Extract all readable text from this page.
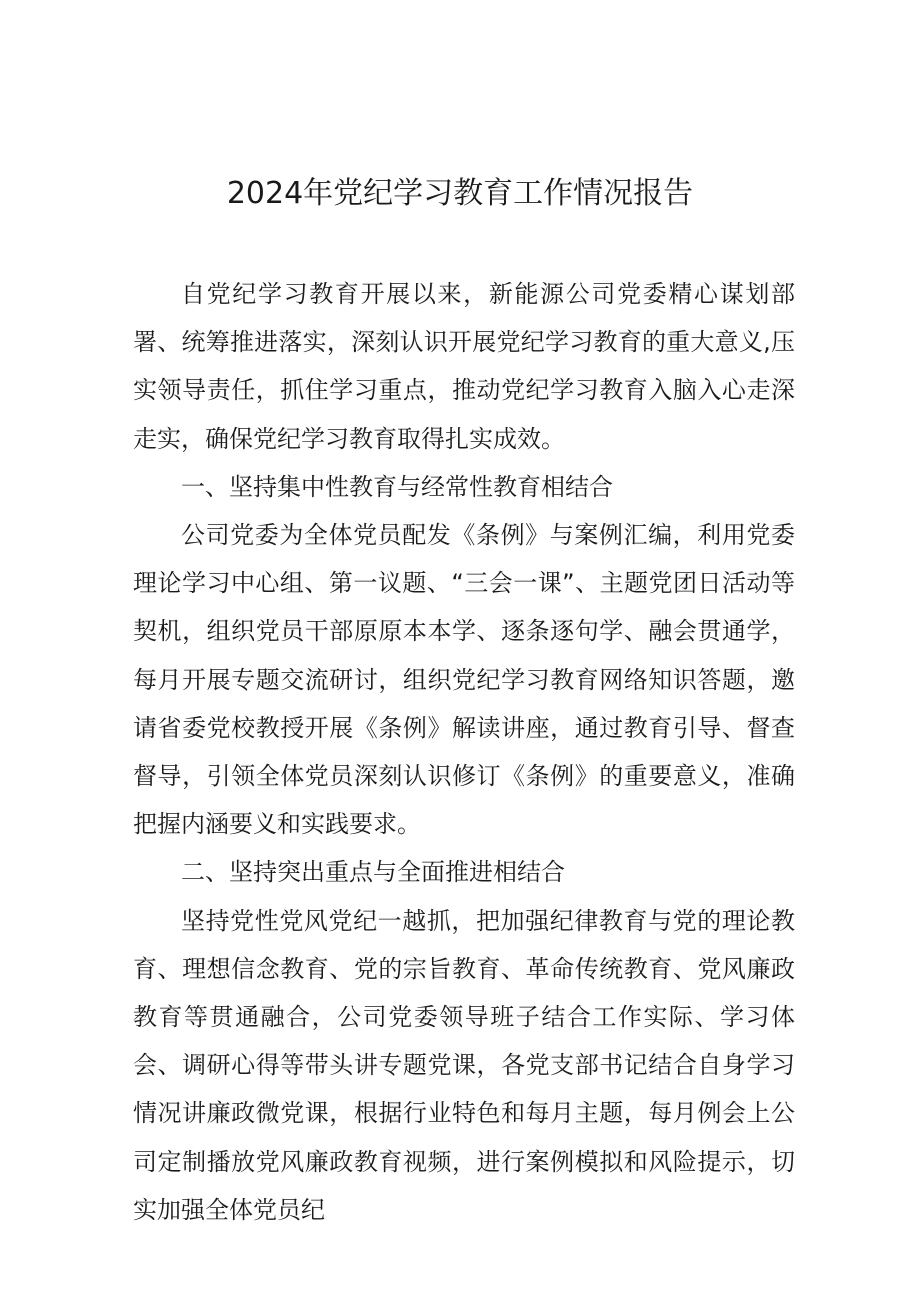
2024年党纪学习教育工作情况报告

自党纪学习教育开展以来，新能源公司党委精心谋划部署、统筹推进落实，深刻认识开展党纪学习教育的重大意义,压实领导责任，抓住学习重点，推动党纪学习教育入脑入心走深走实，确保党纪学习教育取得扎实成效。

一、坚持集中性教育与经常性教育相结合

公司党委为全体党员配发《条例》与案例汇编，利用党委理论学习中心组、第一议题、“三会一课”、主题党团日活动等契机，组织党员干部原原本本学、逐条逐句学、融会贯通学，每月开展专题交流研讨，组织党纪学习教育网络知识答题，邀请省委党校教授开展《条例》解读讲座，通过教育引导、督查督导，引领全体党员深刻认识修订《条例》的重要意义，准确把握内涵要义和实践要求。

二、坚持突出重点与全面推进相结合

坚持党性党风党纪一越抓，把加强纪律教育与党的理论教育、理想信念教育、党的宗旨教育、革命传统教育、党风廉政教育等贯通融合，公司党委领导班子结合工作实际、学习体会、调研心得等带头讲专题党课，各党支部书记结合自身学习情况讲廉政微党课，根据行业特色和每月主题，每月例会上公司定制播放党风廉政教育视频，进行案例模拟和风险提示，切实加强全体党员纪
